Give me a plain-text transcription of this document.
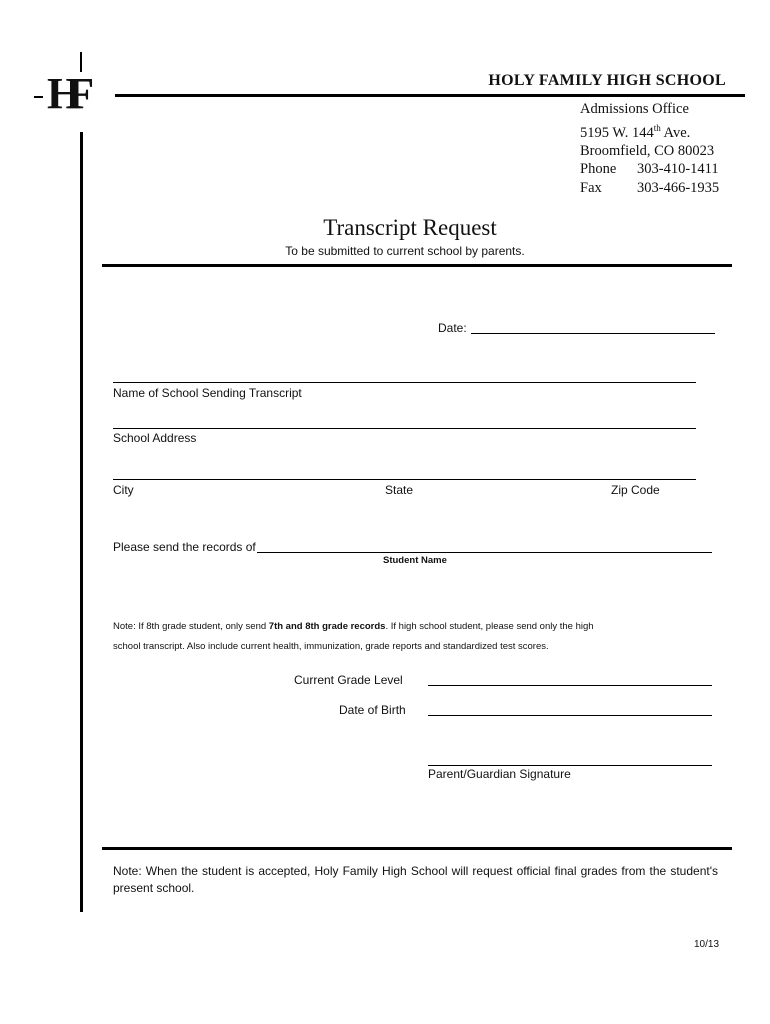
HF	HOLY FAMILY HIGH SCHOOL
Admissions Office
5195 W. 144th Ave.
Broomfield, CO 80023
Phone 303-410-1411
Fax 303-466-1935
Transcript Request
To be submitted to current school by parents.
Date:
Name of School Sending Transcript
School Address
City	State	Zip Code
Please send the records of
Student Name
Note: If 8th grade student, only send 7th and 8th grade records. If high school student, please send only the high
school transcript. Also include current health, immunization, grade reports and standardized test scores.
Current Grade Level
Date of Birth
Parent/Guardian Signature
Note: When the student is accepted, Holy Family High School will request official final grades from the student's present school.
10/13
